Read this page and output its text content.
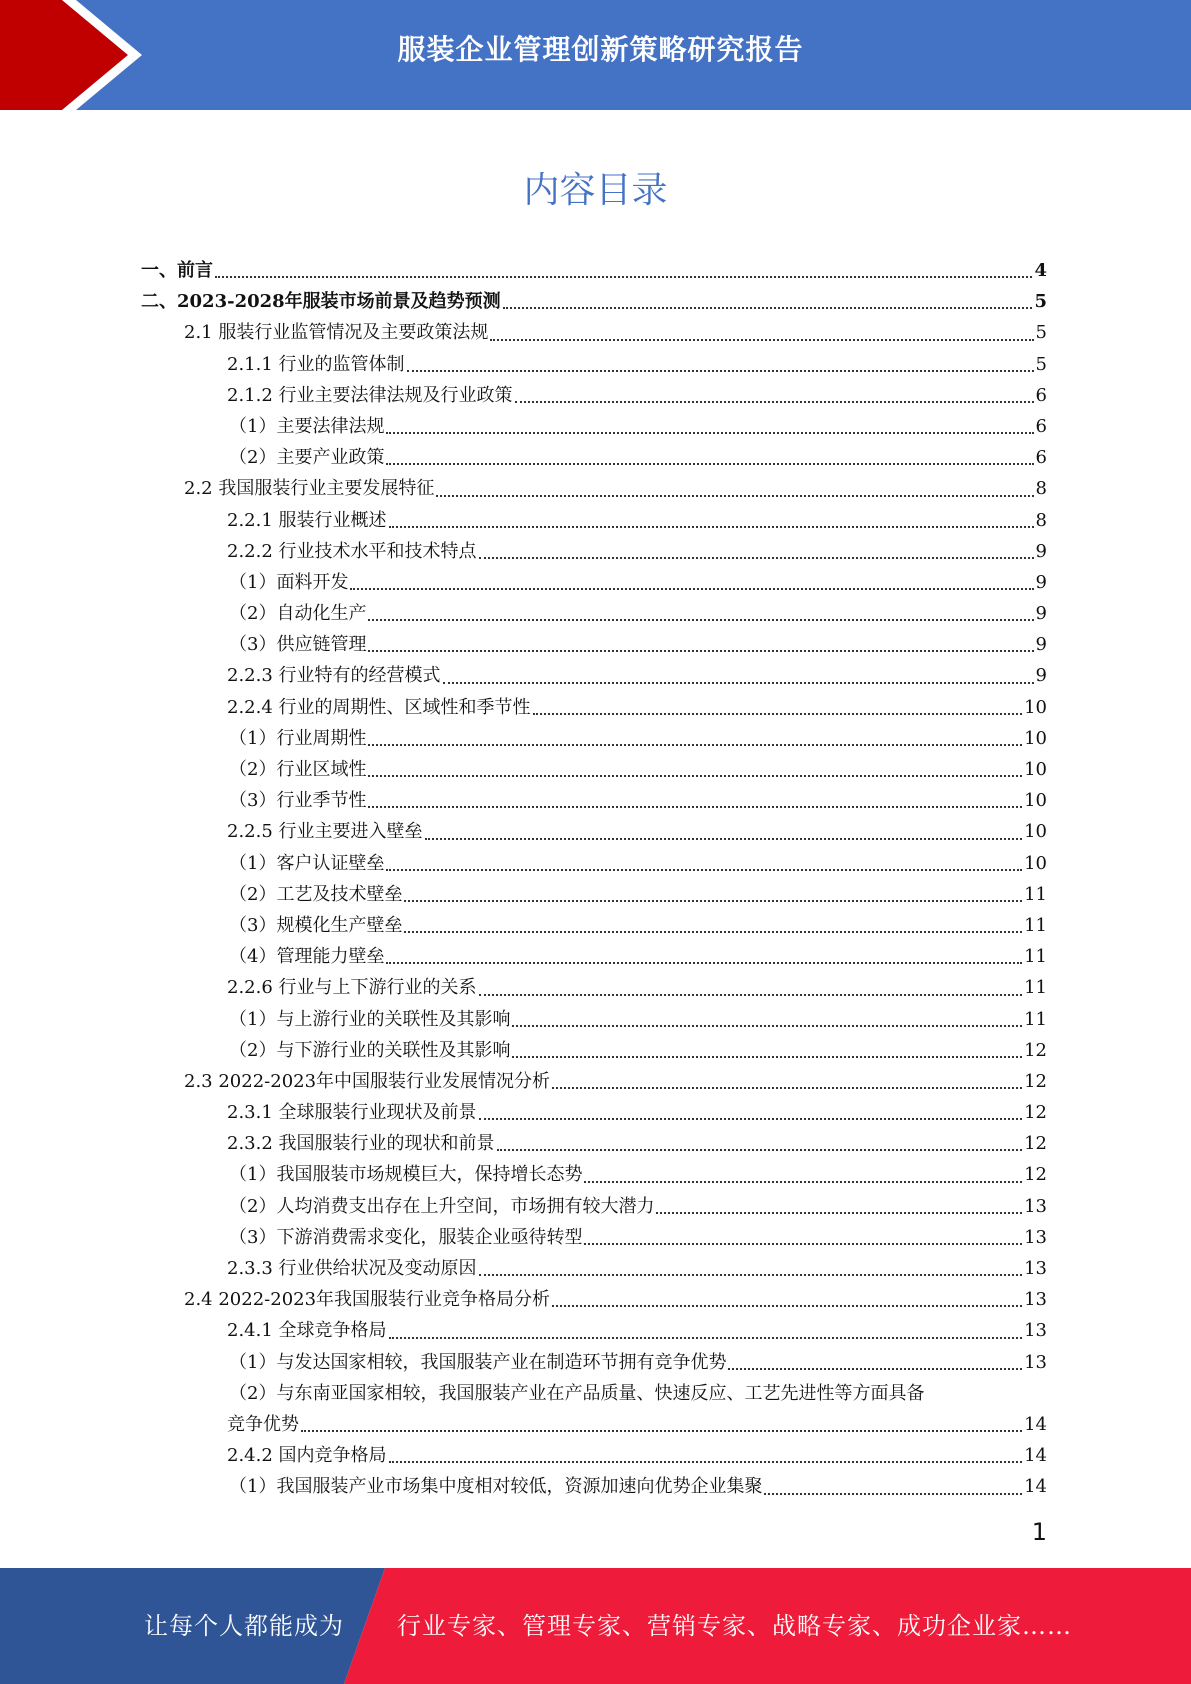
服装企业管理创新策略研究报告
内容目录
一、前言	4
二、2023-2028年服装市场前景及趋势预测	5
2.1 服装行业监管情况及主要政策法规	5
2.1.1 行业的监管体制	5
2.1.2 行业主要法律法规及行业政策	6
（1）主要法律法规	6
（2）主要产业政策	6
2.2 我国服装行业主要发展特征	8
2.2.1 服装行业概述	8
2.2.2 行业技术水平和技术特点	9
（1）面料开发	9
（2）自动化生产	9
（3）供应链管理	9
2.2.3 行业特有的经营模式	9
2.2.4 行业的周期性、区域性和季节性	10
（1）行业周期性	10
（2）行业区域性	10
（3）行业季节性	10
2.2.5 行业主要进入壁垒	10
（1）客户认证壁垒	10
（2）工艺及技术壁垒	11
（3）规模化生产壁垒	11
（4）管理能力壁垒	11
2.2.6 行业与上下游行业的关系	11
（1）与上游行业的关联性及其影响	11
（2）与下游行业的关联性及其影响	12
2.3 2022-2023年中国服装行业发展情况分析	12
2.3.1 全球服装行业现状及前景	12
2.3.2 我国服装行业的现状和前景	12
（1）我国服装市场规模巨大，保持增长态势	12
（2）人均消费支出存在上升空间，市场拥有较大潜力	13
（3）下游消费需求变化，服装企业亟待转型	13
2.3.3 行业供给状况及变动原因	13
2.4 2022-2023年我国服装行业竞争格局分析	13
2.4.1 全球竞争格局	13
（1）与发达国家相较，我国服装产业在制造环节拥有竞争优势	13
（2）与东南亚国家相较，我国服装产业在产品质量、快速反应、工艺先进性等方面具备
竞争优势	14
2.4.2 国内竞争格局	14
（1）我国服装产业市场集中度相对较低，资源加速向优势企业集聚	14
1
让每个人都能成为 行业专家、管理专家、营销专家、战略专家、成功企业家……
